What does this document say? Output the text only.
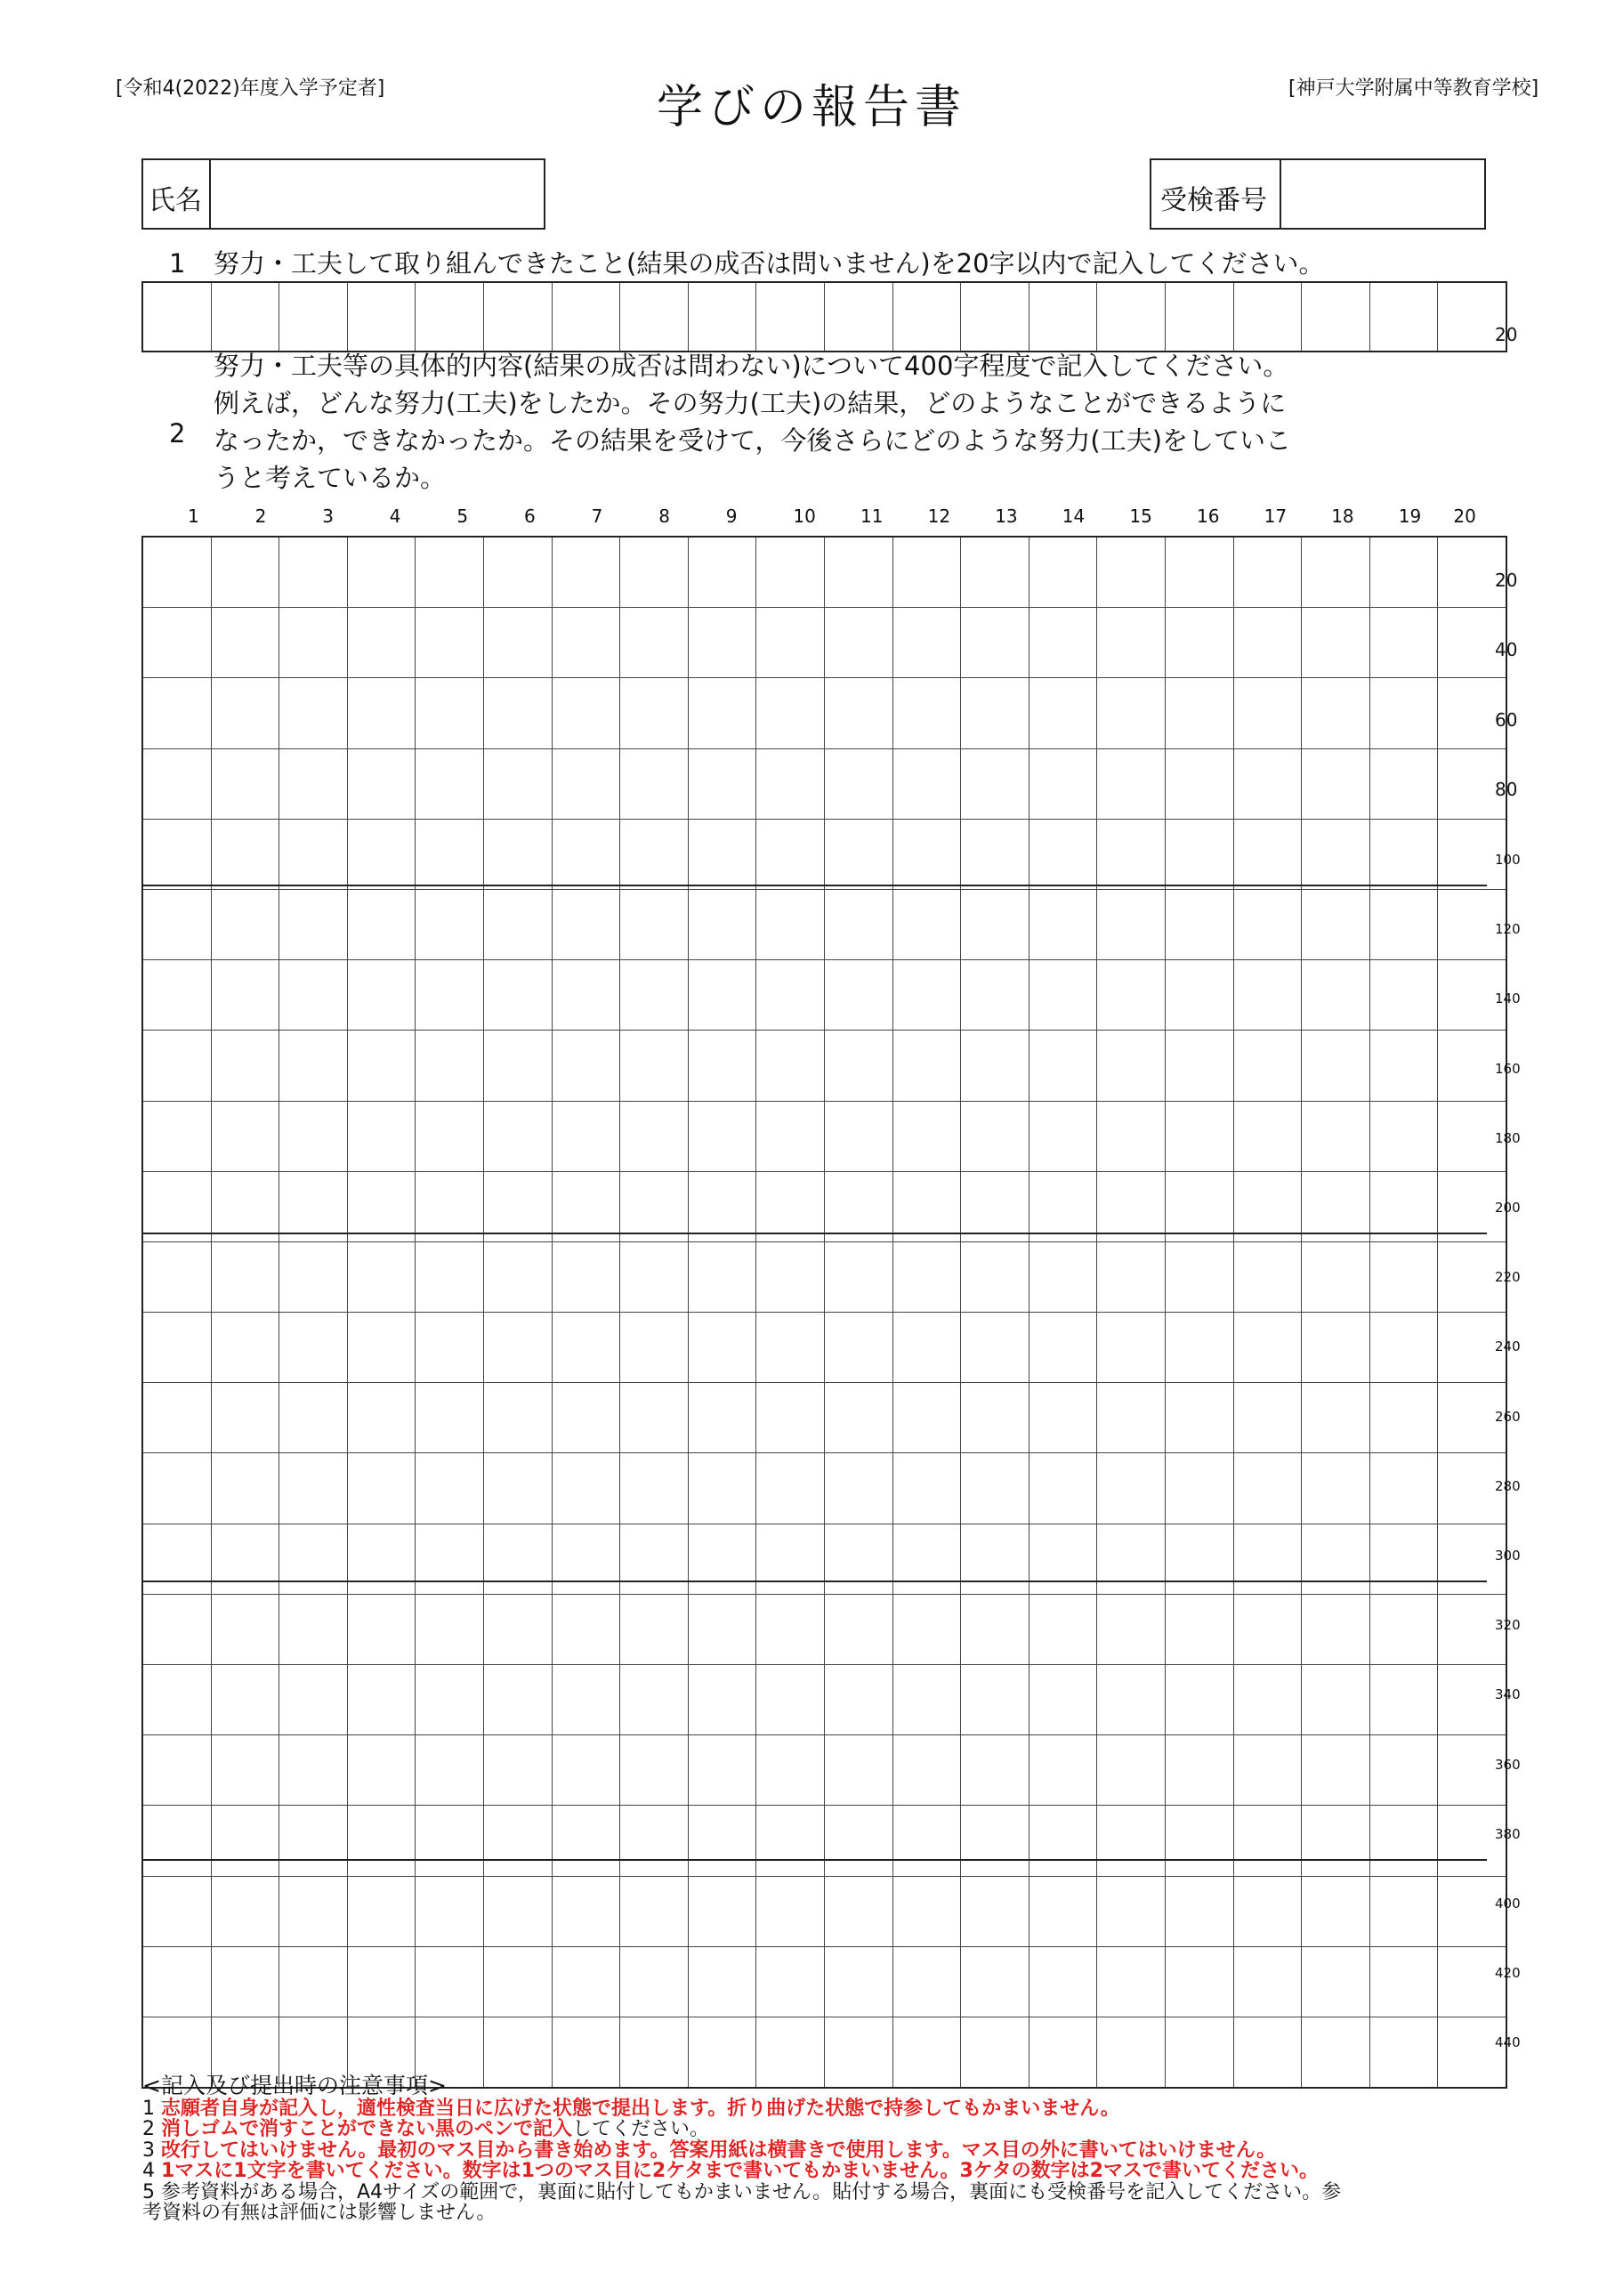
[令和4(2022)年度入学予定者]	学びの報告書	[神戸大学附属中等教育学校]
氏名	受検番号
1 努力・工夫して取り組んできたこと(結果の成否は問いません)を20字以内で記入してください。

20
2
努力・工夫等の具体的内容(結果の成否は問わない)について400字程度で記入してください。
例えば，どんな努力(工夫)をしたか。その努力(工夫)の結果，どのようなことができるように
なったか，できなかったか。その結果を受けて，今後さらにどのような努力(工夫)をしていこ
うと考えているか。
1	2	3	4	5	6	7	8	9	10	11	12	13	14	15	16	17	18	19 20

20
40
60
80
100
120
140
160
180
200
220
240
260
280
300
320
340
360
380
400
420
440
<記入及び提出時の注意事項>
1 志願者自身が記入し，適性検査当日に広げた状態で提出します。折り曲げた状態で持参してもかまいません。
2 消しゴムで消すことができない黒のペンで記入してください。
3 改行してはいけません。最初のマス目から書き始めます。答案用紙は横書きで使用します。マス目の外に書いてはいけません。
4 1マスに1文字を書いてください。数字は1つのマス目に2ケタまで書いてもかまいません。3ケタの数字は2マスで書いてください。
5 参考資料がある場合，A4サイズの範囲で，裏面に貼付してもかまいません。貼付する場合，裏面にも受検番号を記入してください。参
考資料の有無は評価には影響しません。
